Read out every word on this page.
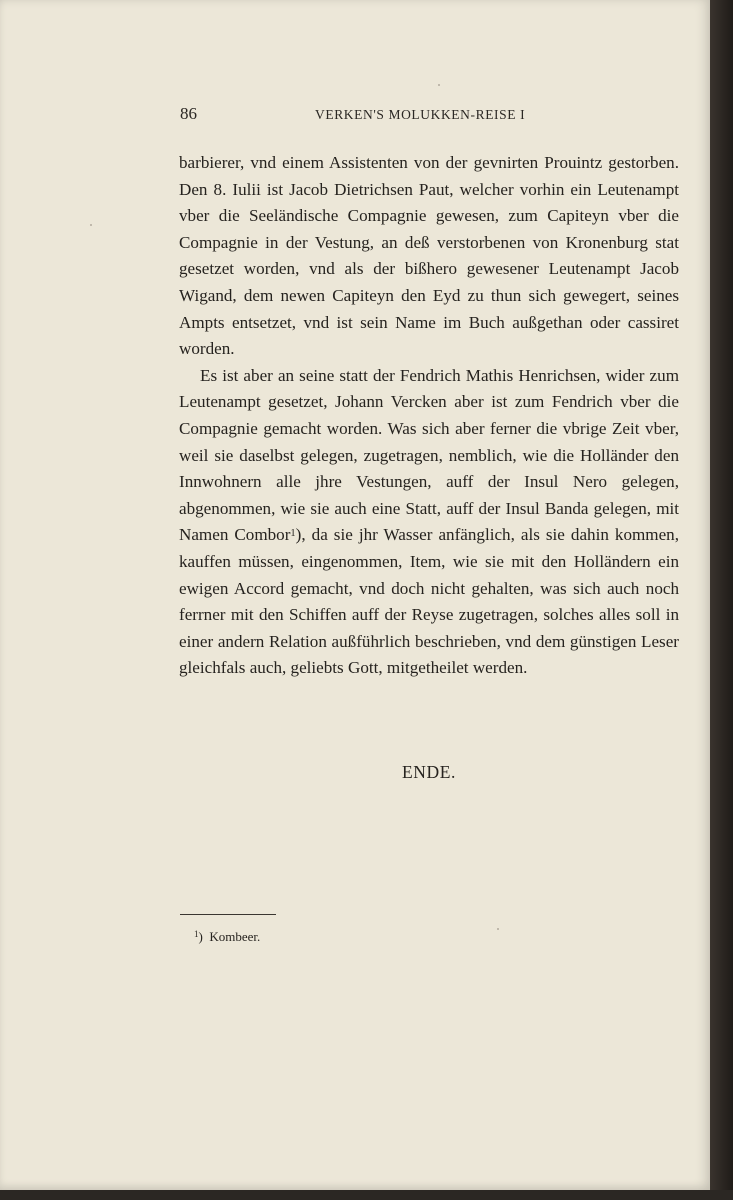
86	VERKEN'S MOLUKKEN-REISE I

barbierer, vnd einem Assistenten von der gevnirten Prouintz gestorben. Den 8. Iulii ist Jacob Dietrichsen Paut, welcher vorhin ein Leutenampt vber die Seeländische Compagnie gewesen, zum Capiteyn vber die Compagnie in der Vestung, an deß verstorbenen von Kronenburg stat gesetzet worden, vnd als der bißhero gewesener Leutenampt Jacob Wigand, dem newen Capiteyn den Eyd zu thun sich gewegert, seines Ampts entsetzet, vnd ist sein Name im Buch außgethan oder cassiret worden.

Es ist aber an seine statt der Fendrich Mathis Henrichsen, wider zum Leutenampt gesetzet, Johann Vercken aber ist zum Fendrich vber die Compagnie gemacht worden. Was sich aber ferner die vbrige Zeit vber, weil sie daselbst gelegen, zugetragen, nemblich, wie die Holländer den Innwohnern alle jhre Vestungen, auff der Insul Nero gelegen, abgenommen, wie sie auch eine Statt, auff der Insul Banda gelegen, mit Namen Combor$^1$), da sie jhr Wasser anfänglich, als sie dahin kommen, kauffen müssen, eingenommen, Item, wie sie mit den Holländern ein ewigen Accord gemacht, vnd doch nicht gehalten, was sich auch noch ferrner mit den Schiffen auff der Reyse zugetragen, solches alles soll in einer andern Relation außführlich beschrieben, vnd dem günstigen Leser gleichfals auch, geliebts Gott, mitgetheilet werden.

ENDE.
$^1$) Kombeer.
